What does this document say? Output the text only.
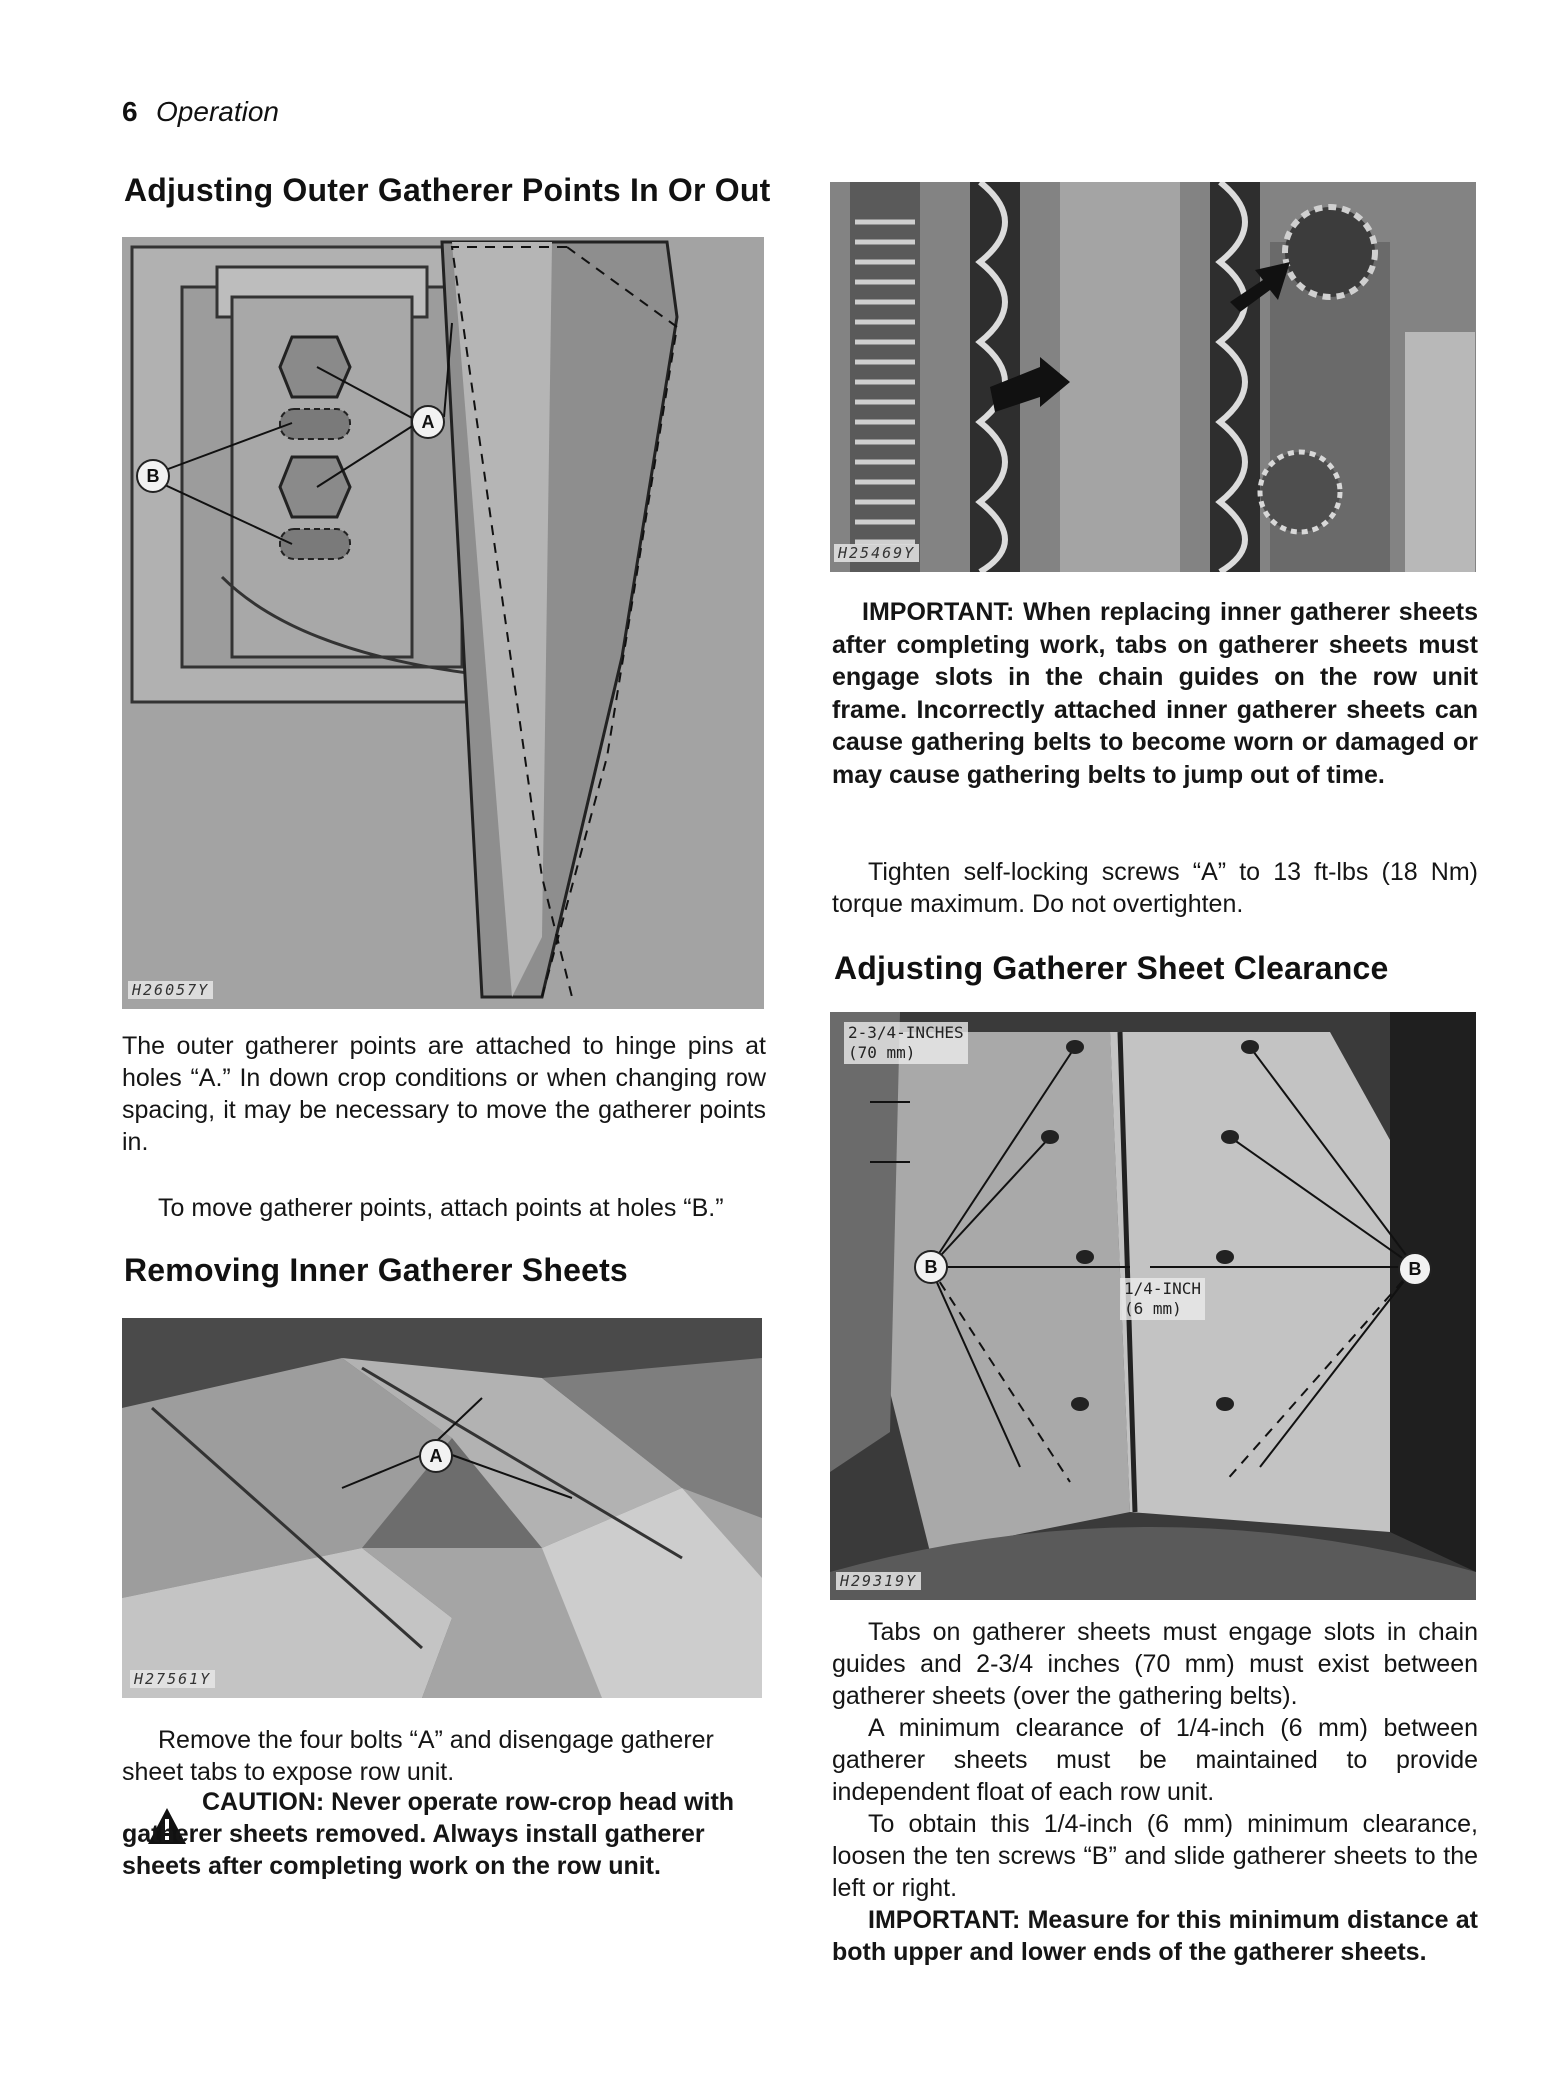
6 Operation
Adjusting Outer Gatherer Points In Or Out
A
B
H26057Y

The outer gatherer points are attached to hinge pins at holes “A.” In down crop conditions or when changing row spacing, it may be necessary to move the gatherer points in.

To move gatherer points, attach points at holes “B.”

Removing Inner Gatherer Sheets
A
H27561Y

Remove the four bolts “A” and disengage gatherer sheet tabs to expose row unit.

CAUTION: Never operate row-crop head with gatherer sheets removed. Always install gatherer sheets after completing work on the row unit.

H25469Y

IMPORTANT: When replacing inner gatherer sheets after completing work, tabs on gatherer sheets must engage slots in the chain guides on the row unit frame. Incorrectly attached inner gatherer sheets can cause gathering belts to become worn or damaged or may cause gathering belts to jump out of time.

Tighten self-locking screws “A” to 13 ft-lbs (18 Nm) torque maximum. Do not overtighten.

Adjusting Gatherer Sheet Clearance
2-3/4-INCHES
(70 mm)
1/4-INCH
(6 mm)
B	B
H29319Y

Tabs on gatherer sheets must engage slots in chain guides and 2-3/4 inches (70 mm) must exist between gatherer sheets (over the gathering belts).

A minimum clearance of 1/4-inch (6 mm) between gatherer sheets must be maintained to provide independent float of each row unit.

To obtain this 1/4-inch (6 mm) minimum clearance, loosen the ten screws “B” and slide gatherer sheets to the left or right.

IMPORTANT: Measure for this minimum distance at both upper and lower ends of the gatherer sheets.
